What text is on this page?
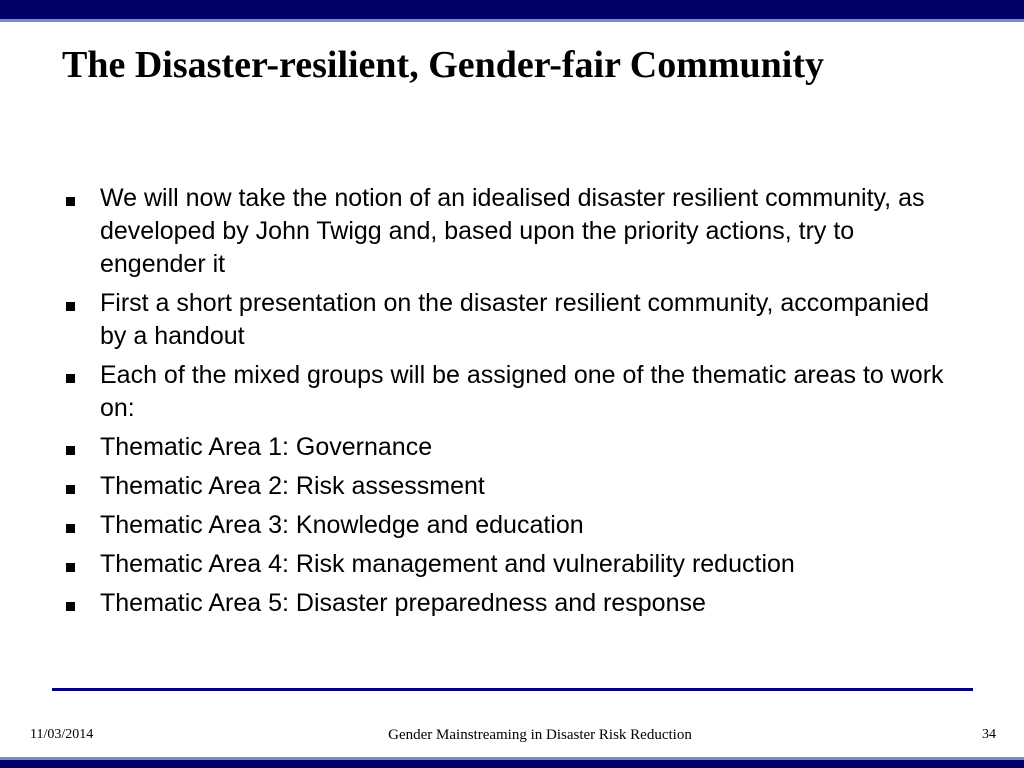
The Disaster-resilient, Gender-fair Community
We will now take the notion of an idealised disaster resilient community, as developed by John Twigg and, based upon the priority actions, try to engender it
First a short presentation on the disaster resilient community, accompanied by a handout
Each of the mixed groups will be assigned one of the thematic areas to work on:
Thematic Area 1: Governance
Thematic Area 2: Risk assessment
Thematic Area 3: Knowledge and education
Thematic Area 4: Risk management and vulnerability reduction
Thematic Area 5: Disaster preparedness and response
11/03/2014	Gender Mainstreaming in Disaster Risk Reduction	34
